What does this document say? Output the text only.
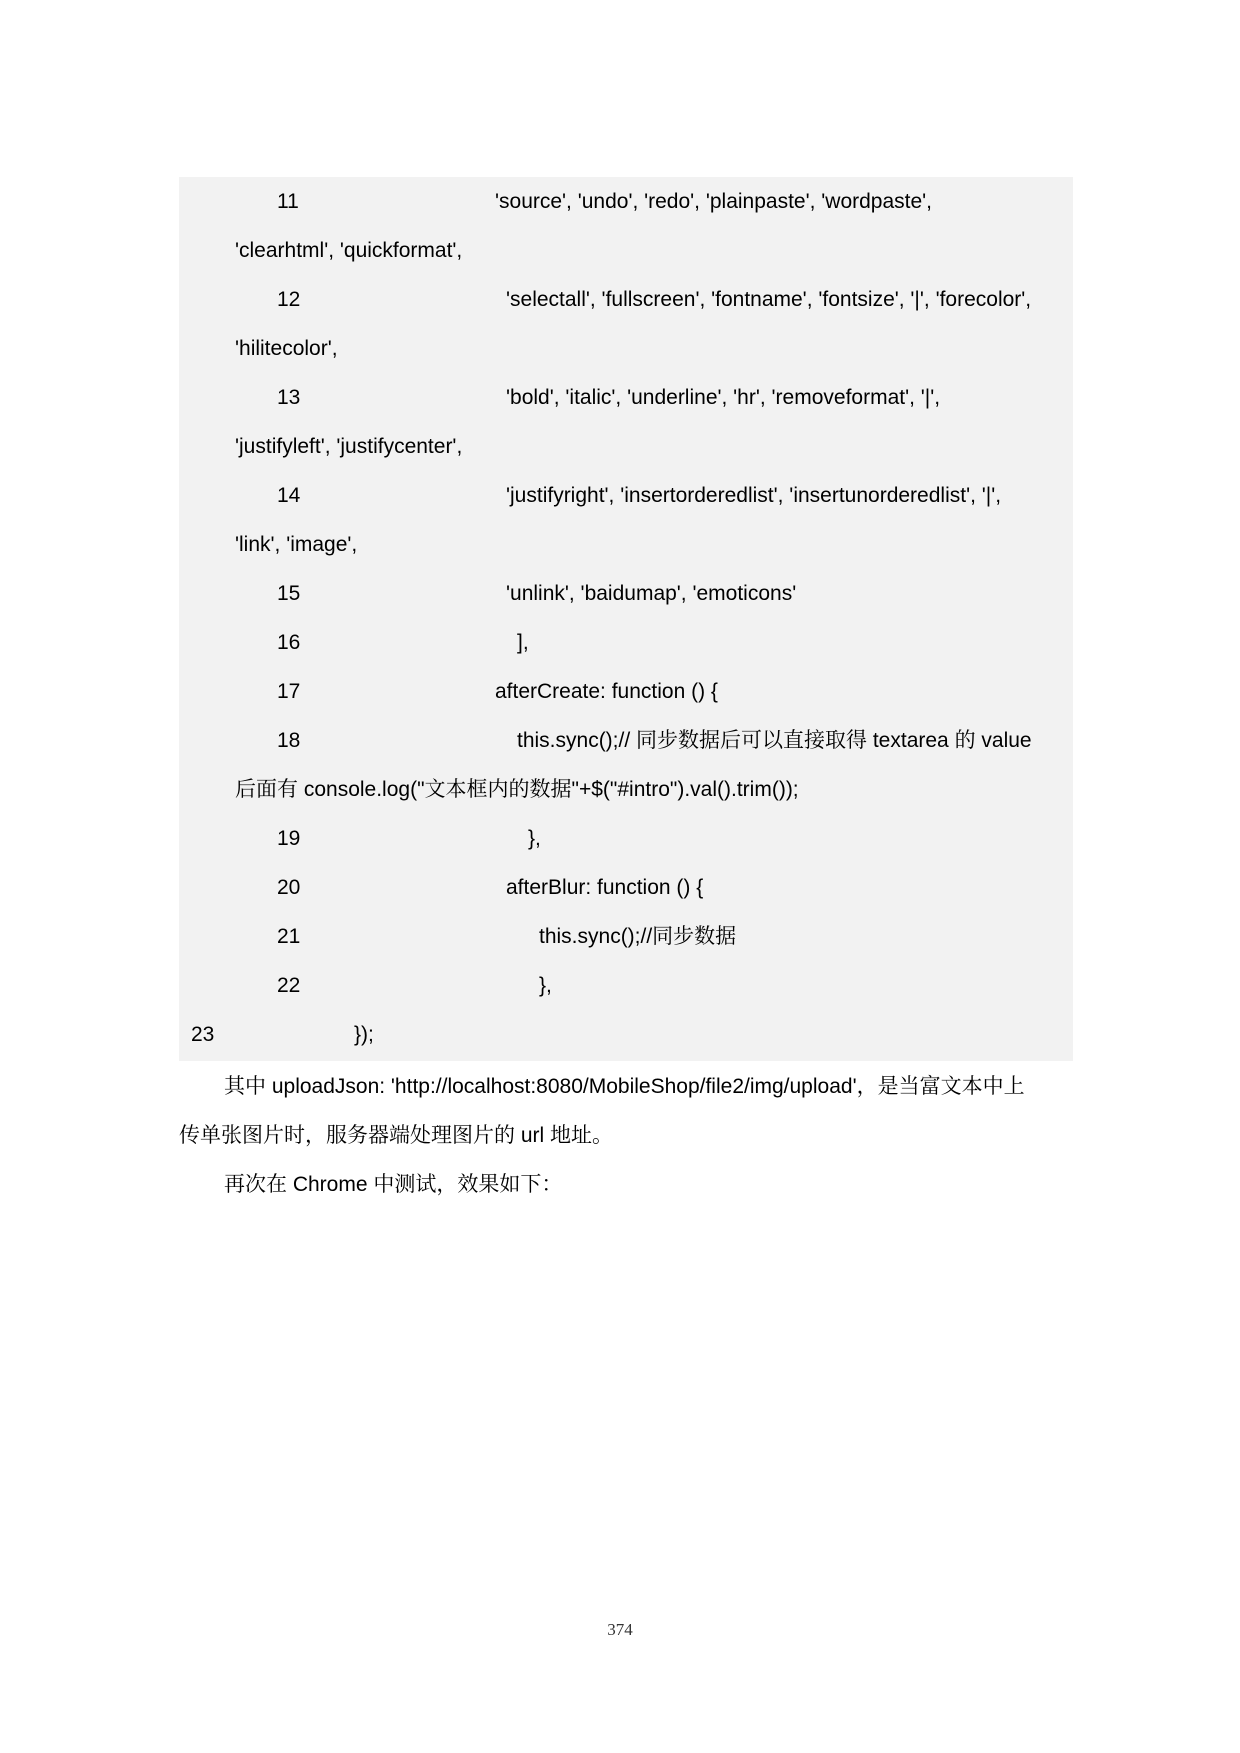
11	'source', 'undo', 'redo', 'plainpaste', 'wordpaste',
'clearhtml', 'quickformat',
12	'selectall', 'fullscreen', 'fontname', 'fontsize', '|', 'forecolor',
'hilitecolor',
13	'bold', 'italic', 'underline', 'hr', 'removeformat', '|',
'justifyleft', 'justifycenter',
14	'justifyright', 'insertorderedlist', 'insertunorderedlist', '|',
'link', 'image',
15	'unlink', 'baidumap', 'emoticons'
16	],
17	afterCreate: function () {
18	this.sync();// 同步数据后可以直接取得 textarea 的 value
后面有 console.log("文本框内的数据"+$("#intro").val().trim());
19	},
20	afterBlur: function () {
21	this.sync();//同步数据
22	},
23	});
其中 uploadJson: 'http://localhost:8080/MobileShop/file2/img/upload'，是当富文本中上
传单张图片时，服务器端处理图片的 url 地址。
再次在 Chrome 中测试，效果如下：
374
